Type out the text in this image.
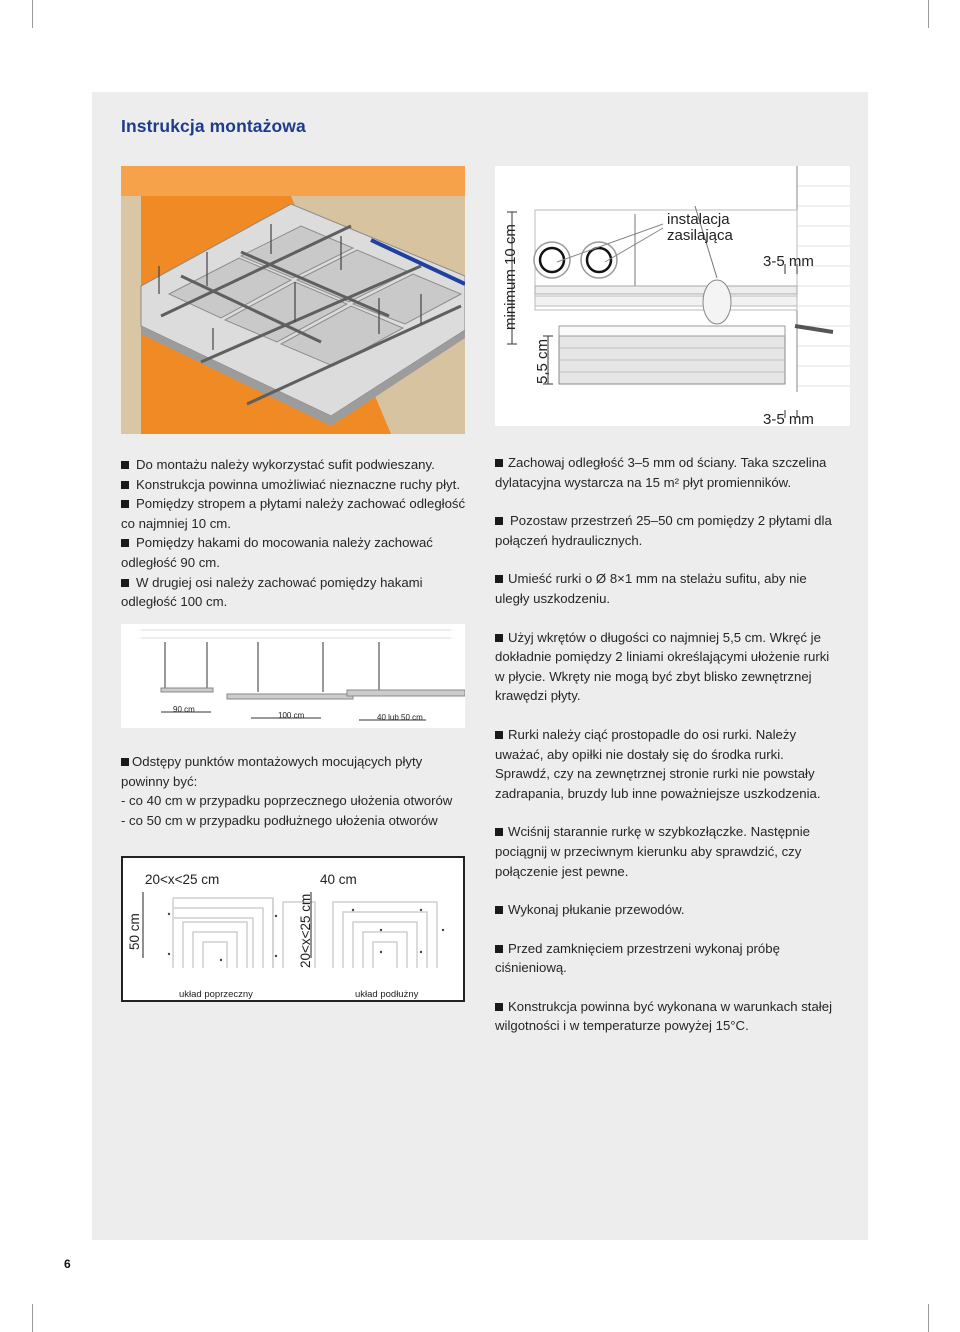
Instrukcja montażowa
minimum 10 cm
5,5 cm
instalacja
zasilająca
3-5 mm
3-5 mm
Do montażu należy wykorzystać sufit podwieszany.
Konstrukcja powinna umożliwiać nieznaczne ruchy płyt.
Pomiędzy stropem a płytami należy zachować odległość
co najmniej 10 cm.
Pomiędzy hakami do mocowania należy zachować
odległość 90 cm.
W drugiej osi należy zachować pomiędzy hakami
odległość 100 cm.
90 cm
100 cm	40 lub 50 cm
Odstępy punktów montażowych mocujących płyty
powinny być:
- co 40 cm w przypadku poprzecznego ułożenia otworów
- co 50 cm w przypadku podłużnego ułożenia otworów
20<x<25 cm	40 cm
50 cm	20<x<25 cm
układ poprzeczny	układ podłużny
Zachowaj odległość 3–5 mm od ściany. Taka szczelina
dylatacyjna wystarcza na 15 m² płyt promienników.
Pozostaw przestrzeń 25–50 cm pomiędzy 2 płytami dla
połączeń hydraulicznych.
Umieść rurki o Ø 8×1 mm na stelażu sufitu, aby nie
uległy uszkodzeniu.
Użyj wkrętów o długości co najmniej 5,5 cm. Wkręć je
dokładnie pomiędzy 2 liniami określającymi ułożenie rurki
w płycie. Wkręty nie mogą być zbyt blisko zewnętrznej
krawędzi płyty.
Rurki należy ciąć prostopadle do osi rurki. Należy
uważać, aby opiłki nie dostały się do środka rurki.
Sprawdź, czy na zewnętrznej stronie rurki nie powstały
zadrapania, bruzdy lub inne poważniejsze uszkodzenia.
Wciśnij starannie rurkę w szybkozłączke. Następnie
pociągnij w przeciwnym kierunku aby sprawdzić, czy
połączenie jest pewne.
Wykonaj płukanie przewodów.
Przed zamknięciem przestrzeni wykonaj próbę
ciśnieniową.
Konstrukcja powinna być wykonana w warunkach stałej
wilgotności i w temperaturze powyżej 15°C.
6
